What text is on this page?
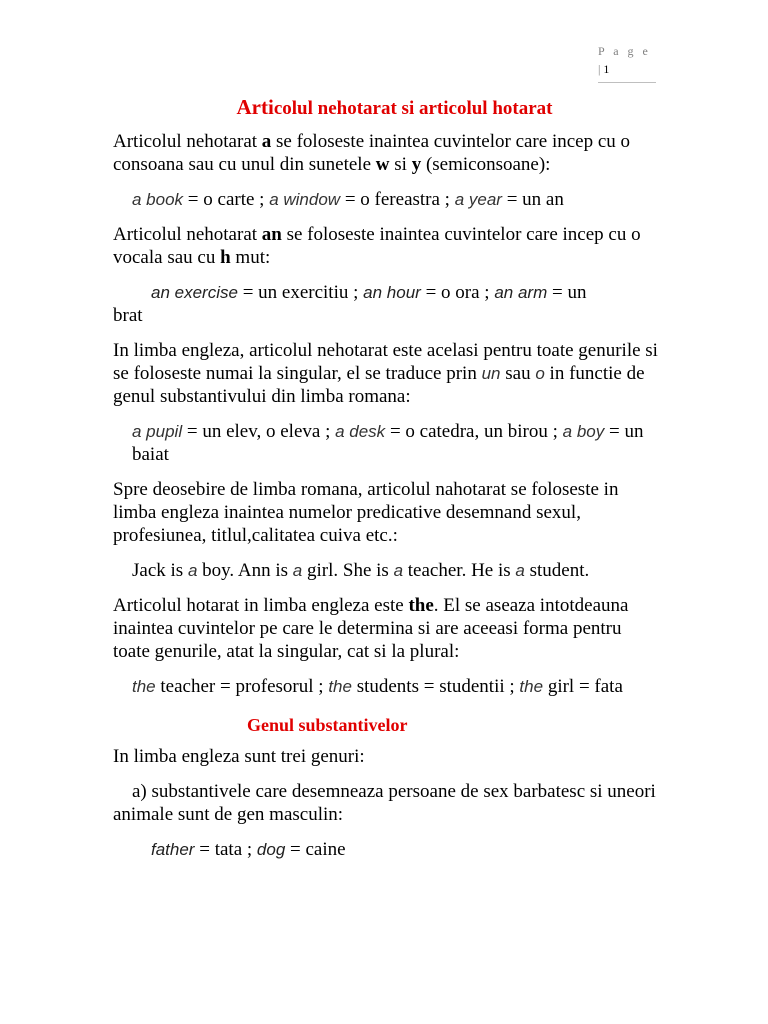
P a g e | 1
Articolul nehotarat si articolul hotarat

Articolul nehotarat a se foloseste inaintea cuvintelor care incep cu o consoana sau cu unul din sunetele w si y (semiconsoane):

a book = o carte ; a window = o fereastra ; a year = un an

Articolul nehotarat an se foloseste inaintea cuvintelor care incep cu o vocala sau cu h mut:

an exercise = un exercitiu ; an hour = o ora ; an arm = un
brat

In limba engleza, articolul nehotarat este acelasi pentru toate genurile si se foloseste numai la singular, el se traduce prin un sau o in functie de genul substantivului din limba romana:

a pupil = un elev, o eleva ; a desk = o catedra, un birou ; a boy = un baiat

Spre deosebire de limba romana, articolul nahotarat se foloseste in limba engleza inaintea numelor predicative desemnand sexul, profesiunea, titlul,calitatea cuiva etc.:

Jack is a boy. Ann is a girl. She is a teacher. He is a student.

Articolul hotarat in limba engleza este the. El se aseaza intotdeauna inaintea cuvintelor pe care le determina si are aceeasi forma pentru toate genurile, atat la singular, cat si la plural:

the teacher = profesorul ; the students = studentii ; the girl = fata

Genul substantivelor

In limba engleza sunt trei genuri:

a) substantivele care desemneaza persoane de sex barbatesc si uneori animale sunt de gen masculin:

father = tata ; dog = caine
